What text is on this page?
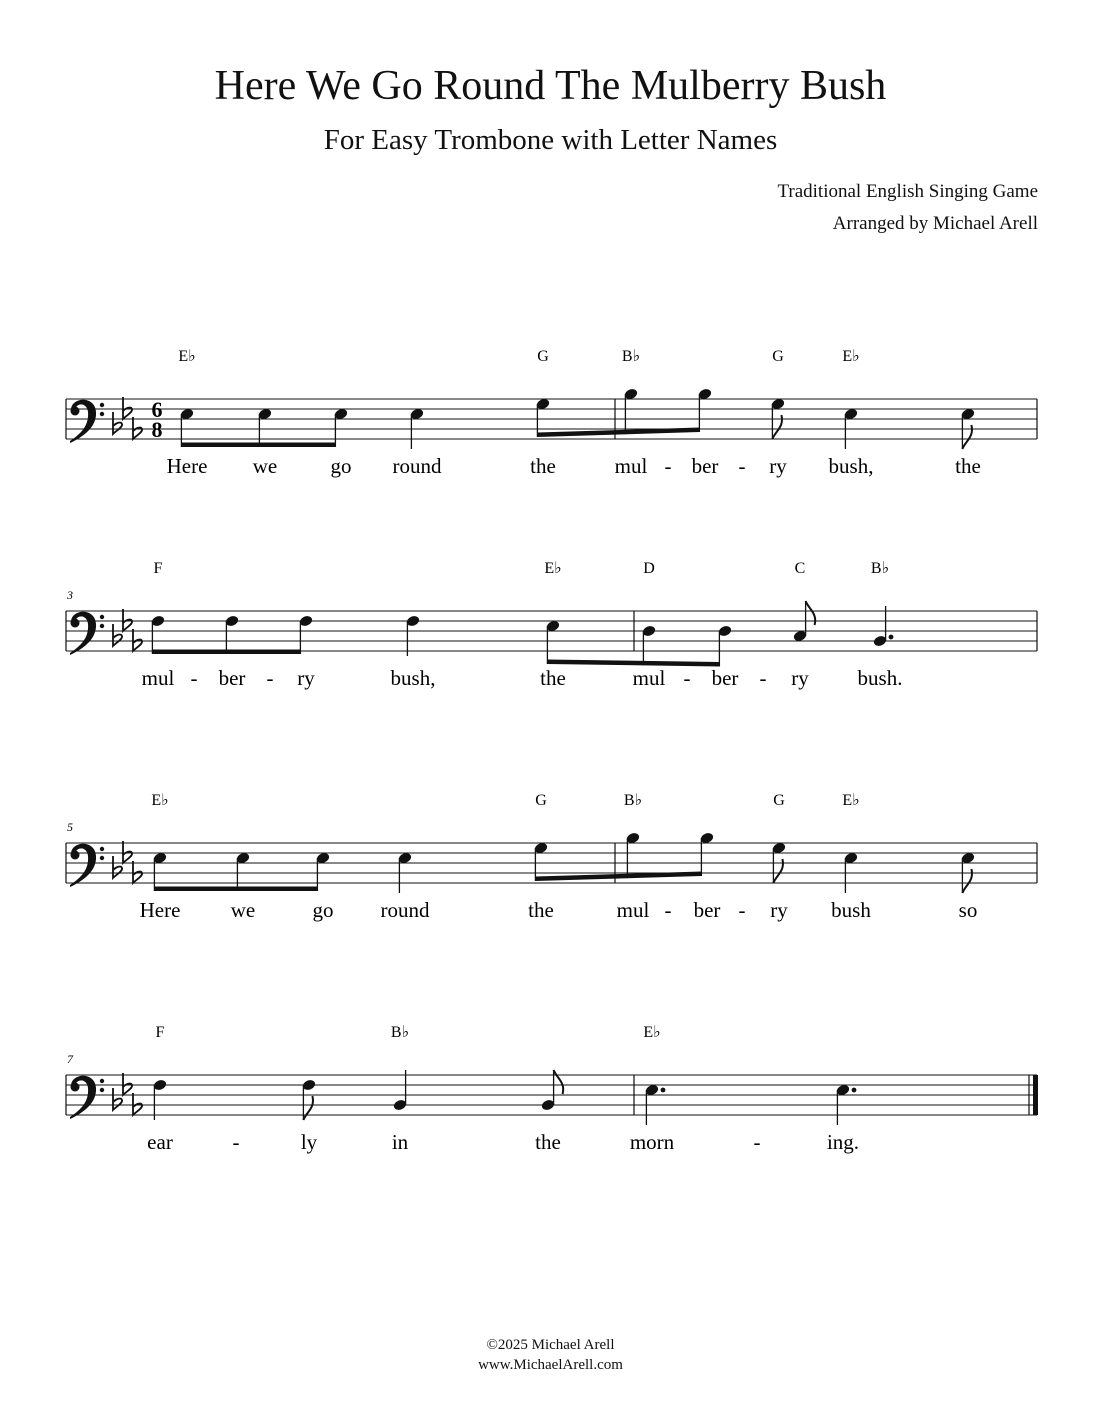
Here We Go Round The Mulberry Bush
For Easy Trombone with Letter Names
Traditional English Singing Game
Arranged by Michael Arell
6
8
E♭
Here we	go round
G
the
B♭
mul ber
G
ry
E♭
bush,	the
-	-
3
F
mul ber ry	bush,
E♭
the
D
mul ber
C
ry
B♭
bush.
-	-	-	-
5
E♭
Here we	go round
G
the
B♭
mul ber
G
ry
E♭
bush	so
-	-
7
F
ear	ly
B♭
in	the
E♭
morn	ing.
-	-
©2025 Michael Arell
www.MichaelArell.com
